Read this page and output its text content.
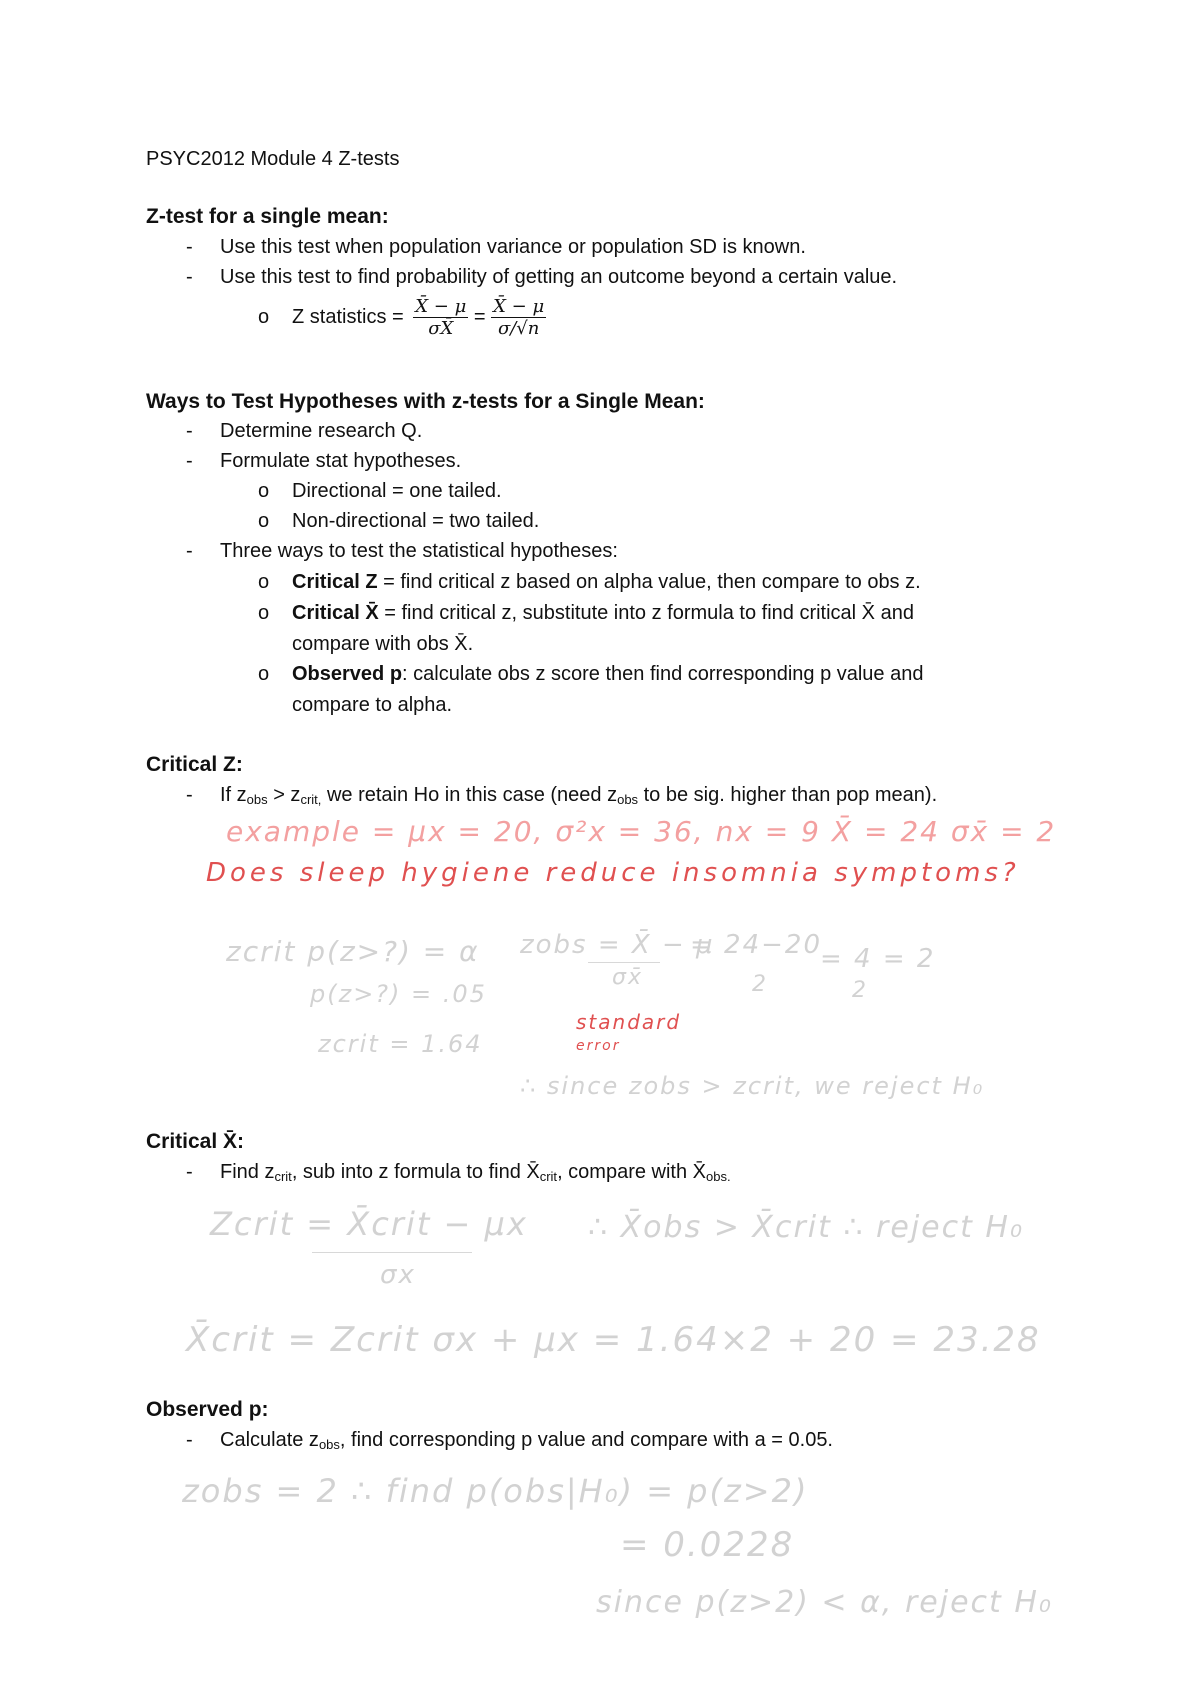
PSYC2012 Module 4 Z-tests
Z-test for a single mean:
- Use this test when population variance or population SD is known.
- Use this test to find probability of getting an outcome beyond a certain value.
o Z statistics = $\frac{X̄ - \mu}{\sigma X̄} = \frac{X̄ - \mu}{\sigma/√n}$
Ways to Test Hypotheses with z-tests for a Single Mean:
- Determine research Q.
- Formulate stat hypotheses.
o Directional = one tailed.
o Non-directional = two tailed.
- Three ways to test the statistical hypotheses:
o Critical Z = find critical z based on alpha value, then compare to obs z.
o Critical X̄ = find critical z, substitute into z formula to find critical X̄ and
compare with obs X̄.
o Observed p: calculate obs z score then find corresponding p value and
compare to alpha.
Critical Z:
- If zobs > zcrit, we retain Ho in this case (need zobs to be sig. higher than pop mean).
example = μx = 20, σ²x = 36, nx = 9 X̄ = 24 σx̄ = 2
Does sleep hygiene reduce insomnia symptoms?
zcrit p(z>?) = α
p(z>?) = .05
zcrit = 1.64
zobs = X̄ − μ
σx̄
= 24−20
2
= 4 = 2
2
standard
error
∴ since zobs > zcrit, we reject H₀
Critical X̄:
- Find zcrit, sub into z formula to find X̄crit, compare with X̄obs.
Zcrit = X̄crit − μx
σx
∴ X̄obs > X̄crit ∴ reject H₀
X̄crit = Zcrit σx + μx = 1.64×2 + 20 = 23.28
Observed p:
- Calculate zobs, find corresponding p value and compare with a = 0.05.
zobs = 2 ∴ find p(obs|H₀) = p(z>2)
= 0.0228
since p(z>2) < α, reject H₀
